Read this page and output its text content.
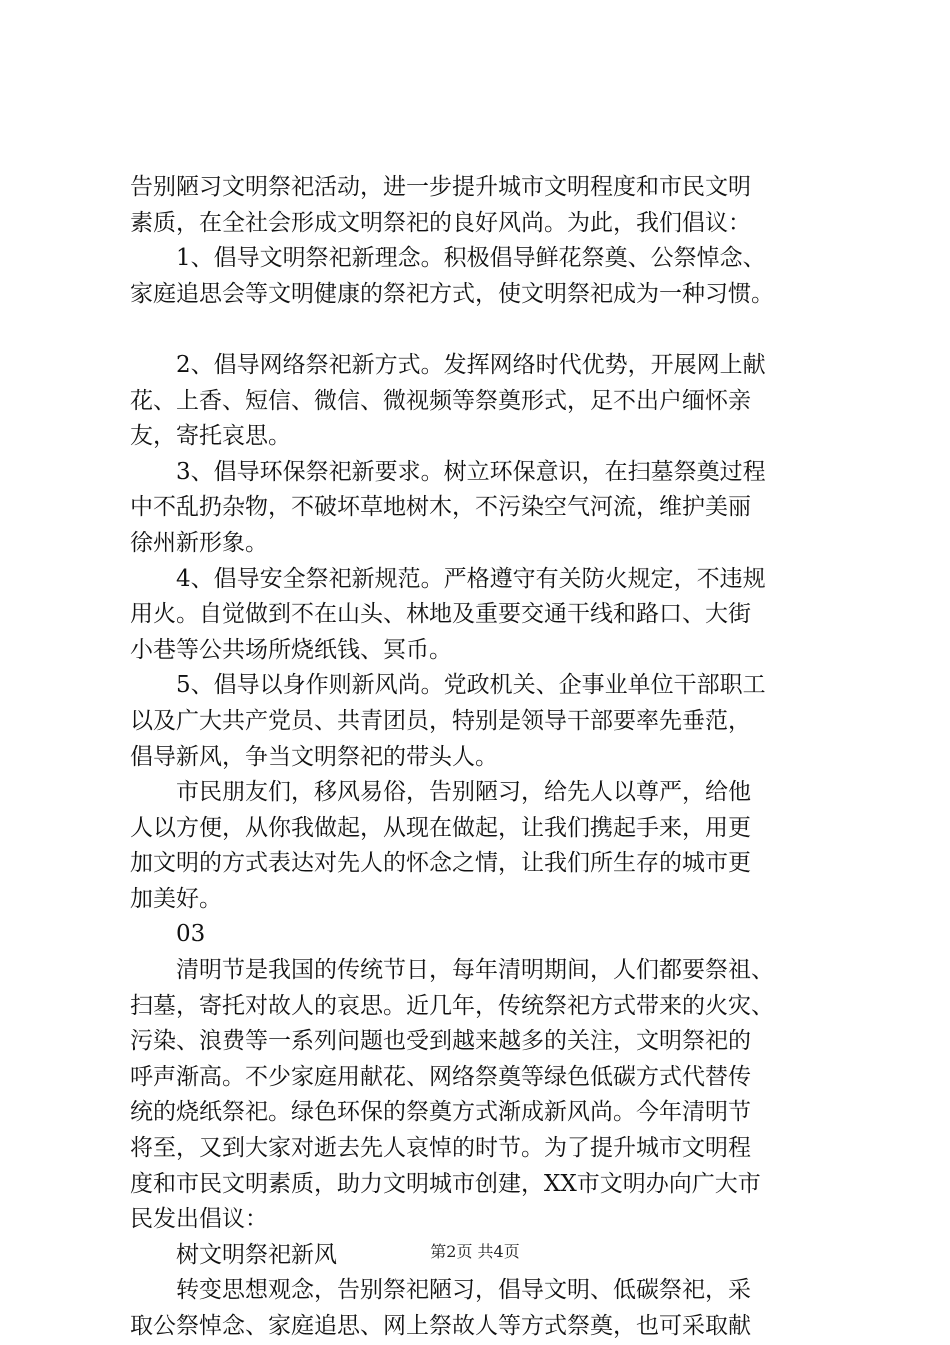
告别陋习文明祭祀活动，进一步提升城市文明程度和市民文明
素质，在全社会形成文明祭祀的良好风尚。为此，我们倡议：
1、倡导文明祭祀新理念。积极倡导鲜花祭奠、公祭悼念、
家庭追思会等文明健康的祭祀方式，使文明祭祀成为一种习惯。
2、倡导网络祭祀新方式。发挥网络时代优势，开展网上献
花、上香、短信、微信、微视频等祭奠形式，足不出户缅怀亲
友，寄托哀思。
3、倡导环保祭祀新要求。树立环保意识，在扫墓祭奠过程
中不乱扔杂物，不破坏草地树木，不污染空气河流，维护美丽
徐州新形象。
4、倡导安全祭祀新规范。严格遵守有关防火规定，不违规
用火。自觉做到不在山头、林地及重要交通干线和路口、大街
小巷等公共场所烧纸钱、冥币。
5、倡导以身作则新风尚。党政机关、企事业单位干部职工
以及广大共产党员、共青团员，特别是领导干部要率先垂范，
倡导新风，争当文明祭祀的带头人。
市民朋友们，移风易俗，告别陋习，给先人以尊严，给他
人以方便，从你我做起，从现在做起，让我们携起手来，用更
加文明的方式表达对先人的怀念之情，让我们所生存的城市更
加美好。
03
清明节是我国的传统节日，每年清明期间，人们都要祭祖、
扫墓，寄托对故人的哀思。近几年，传统祭祀方式带来的火灾、
污染、浪费等一系列问题也受到越来越多的关注，文明祭祀的
呼声渐高。不少家庭用献花、网络祭奠等绿色低碳方式代替传
统的烧纸祭祀。绿色环保的祭奠方式渐成新风尚。今年清明节
将至，又到大家对逝去先人哀悼的时节。为了提升城市文明程
度和市民文明素质，助力文明城市创建，XX市文明办向广大市
民发出倡议：
树文明祭祀新风
转变思想观念，告别祭祀陋习，倡导文明、低碳祭祀，采
取公祭悼念、家庭追思、网上祭故人等方式祭奠，也可采取献
第2页 共4页
